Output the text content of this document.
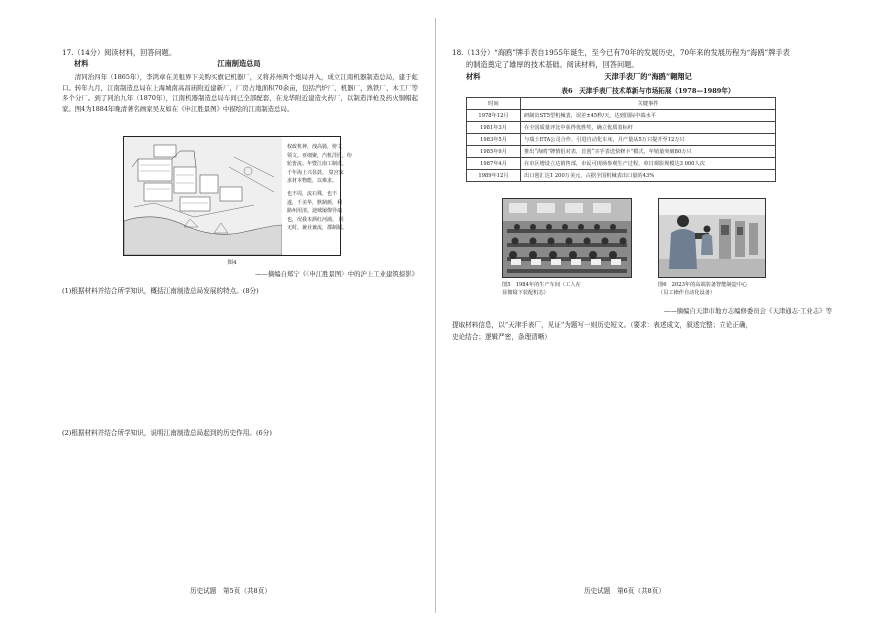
17.（14分）阅读材料，回答问题。
材料	江南制造总局

清同治四年（1865年），李鸿章在美租界下关购买旗记机器厂，又将苏州两个炮局并入，成立江南机器制造总局，建于虹口。转年九月，江南制造总局在上海城南高昌庙附近建新厂，厂房占地面积70余亩，包括汽炉厂、机器厂、熟铁厂、木工厂等多个分厂。到了同治九年（1870年），江南机器制造总局车间已全部配套，在龙华附近建造火药厂，以制造洋枪及药火铜帽起家。图4为1884年晚清著名画家吴友如在《申江胜景图》中描绘的江南制造总局。

权政机神，洩高骑，傍文
领文。亚细聚，汽机洋匠，纷
轮皆流。年暨江南工制成，
千年海上兴显鼓。 算宫家
求材本物能，以难求。
也不周，流石殊，也不
遂，千美华，默制颜，利
路州用清。迪城屡僚异端
也，况我本洒红河淌。 同
无时，兼业兼流，郡制制。
图4
——摘编自郑宁《〈申江胜景图〉中的沪上工业建筑掠影》
(1)根据材料并结合所学知识，概括江南制造总局发展的特点。(8分)
(2)根据材料并结合所学知识，说明江南制造总局起到的历史作用。(6分)
历史试题　第5页（共8页）
18.（13分）“海鸥”牌手表自1955年诞生，至今已有70年的发展历史，70年来的发展历程为“海鸥”牌手表
的制造奠定了雄厚的技术基础。阅读材料，回答问题。
材料	天津手表厂的“海鸥”翱翔记
表6　天津手表厂技术革新与市场拓展（1978—1989年）
时间	关键事件
1978年12月	研制出ST5型机械表，误差±45秒/天，达到国际中端水平
1981年3月	在全国质量评比中获得优胜奖，确立优质表标杆
1983年5月	与瑞士ETA公司合作，引进自动化车床，月产量从5万只提升至12万只
1985年9月	推出“海鸥”牌情侣对表，首创“买手表送快修卡”模式，年销量突破80万只
1987年4月	在市区增设立达销售部，市民可现场参观生产过程，单日观影规模达3 000人次
1989年12月	出口创汇达1 200万美元，占据全国机械表出口量的43%
图5　1984年的生产车间（工人在
显微镜下装配机芯）
图6　2023年的高端装备智能制造中心
（员工操作自动化设备）
——摘编自天津市地方志编修委员会《天津通志·工业志》等
提取材料信息，以“天津手表厂，见证”为题写一则历史短文。（要求：表述成文，叙述完整；立论正确，
史论结合；逻辑严密，条理清晰）
历史试题　第6页（共8页）
